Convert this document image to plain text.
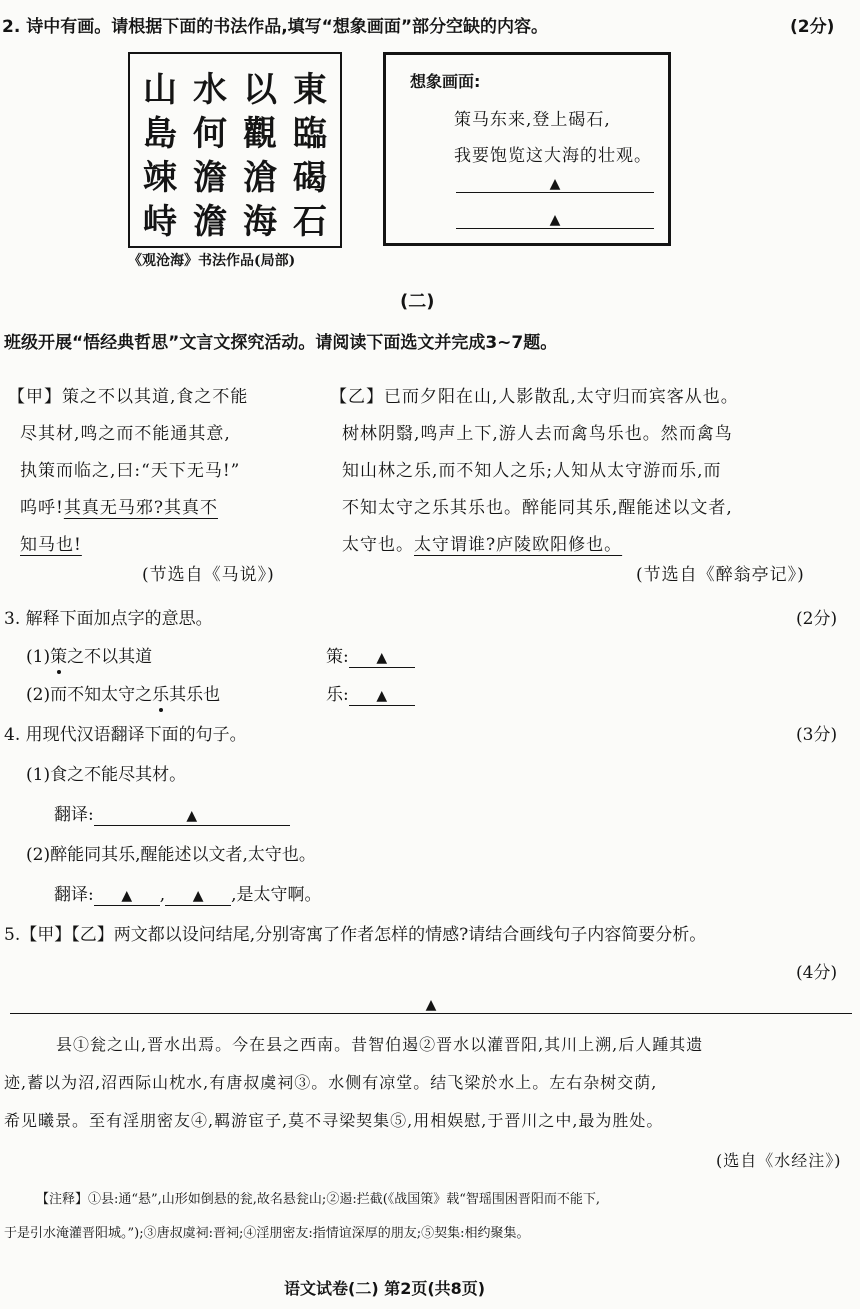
2. 诗中有画。请根据下面的书法作品,填写“想象画面”部分空缺的内容。	(2分)
東
臨
碣
石
以
觀
滄
海
水
何
澹
澹
山
島
竦
峙
《观沧海》书法作品(局部)
想象画面:
策马东来,登上碣石,
我要饱览这大海的壮观。
▲
▲
(二)
班级开展“悟经典哲思”文言文探究活动。请阅读下面选文并完成3~7题。
【甲】策之不以其道,食之不能
尽其材,鸣之而不能通其意,
执策而临之,曰:“天下无马!”
呜呼!其真无马邪?其真不
知马也!
(节选自《马说》)
【乙】已而夕阳在山,人影散乱,太守归而宾客从也。
树林阴翳,鸣声上下,游人去而禽鸟乐也。然而禽鸟
知山林之乐,而不知人之乐;人知从太守游而乐,而
不知太守之乐其乐也。醉能同其乐,醒能述以文者,
太守也。太守谓谁?庐陵欧阳修也。
(节选自《醉翁亭记》)
3. 解释下面加点字的意思。	(2分)
(1)策之不以其道	策: ▲
(2)而不知太守之乐其乐也	乐: ▲
4. 用现代汉语翻译下面的句子。	(3分)
(1)食之不能尽其材。
翻译:	▲
(2)醉能同其乐,醒能述以文者,太守也。
翻译: ▲ , ▲ ,是太守啊。
5.【甲】【乙】两文都以设问结尾,分别寄寓了作者怎样的情感?请结合画线句子内容简要分析。
(4分)
▲
县①瓮之山,晋水出焉。今在县之西南。昔智伯遏②晋水以灌晋阳,其川上溯,后人踵其遗
迹,蓄以为沼,沼西际山枕水,有唐叔虞祠③。水侧有凉堂。结飞梁於水上。左右杂树交荫,
希见曦景。至有淫朋密友④,羁游宦子,莫不寻梁契集⑤,用相娱慰,于晋川之中,最为胜处。
(选自《水经注》)
【注释】①县:通“悬”,山形如倒悬的瓮,故名悬瓮山;②遏:拦截(《战国策》载“智瑶围困晋阳而不能下,
于是引水淹灌晋阳城。”);③唐叔虞祠:晋祠;④淫朋密友:指情谊深厚的朋友;⑤契集:相约聚集。
语文试卷(二) 第2页(共8页)
